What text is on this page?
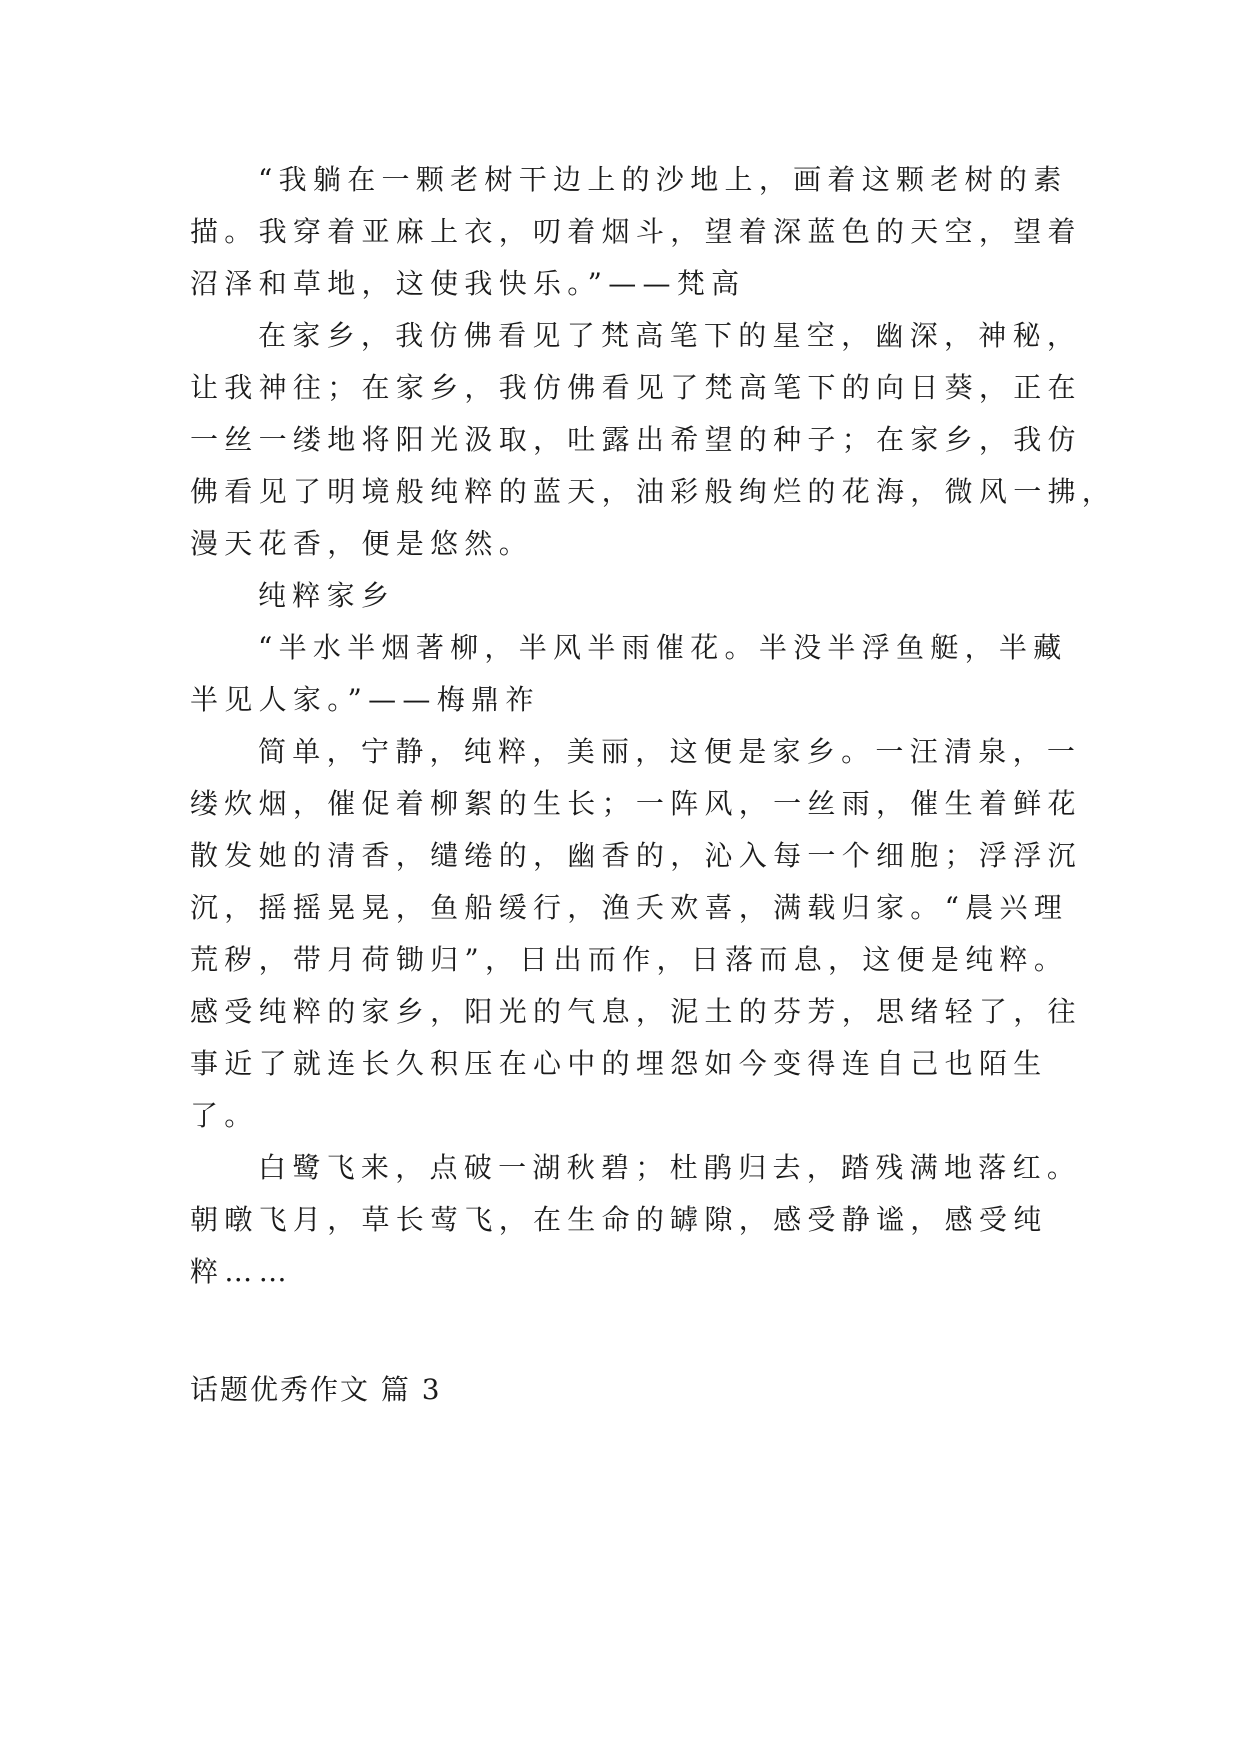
“我躺在一颗老树干边上的沙地上，画着这颗老树的素
描。我穿着亚麻上衣，叨着烟斗，望着深蓝色的天空，望着
沼泽和草地，这使我快乐。”——梵高
在家乡，我仿佛看见了梵高笔下的星空，幽深，神秘，
让我神往；在家乡，我仿佛看见了梵高笔下的向日葵，正在
一丝一缕地将阳光汲取，吐露出希望的种子；在家乡，我仿
佛看见了明境般纯粹的蓝天，油彩般绚烂的花海，微风一拂，
漫天花香，便是悠然。
纯粹家乡
“半水半烟著柳，半风半雨催花。半没半浮鱼艇，半藏
半见人家。”——梅鼎祚
简单，宁静，纯粹，美丽，这便是家乡。一汪清泉，一
缕炊烟，催促着柳絮的生长；一阵风，一丝雨，催生着鲜花
散发她的清香，缱绻的，幽香的，沁入每一个细胞；浮浮沉
沉，摇摇晃晃，鱼船缓行，渔夭欢喜，满载归家。“晨兴理
荒秽，带月荷锄归”，日出而作，日落而息，这便是纯粹。
感受纯粹的家乡，阳光的气息，泥土的芬芳，思绪轻了，往
事近了就连长久积压在心中的埋怨如今变得连自己也陌生
了。
白鹭飞来，点破一湖秋碧；杜鹃归去，踏残满地落红。
朝暾飞月，草长莺飞，在生命的罅隙，感受静谧，感受纯
粹……
话题优秀作文 篇 3
